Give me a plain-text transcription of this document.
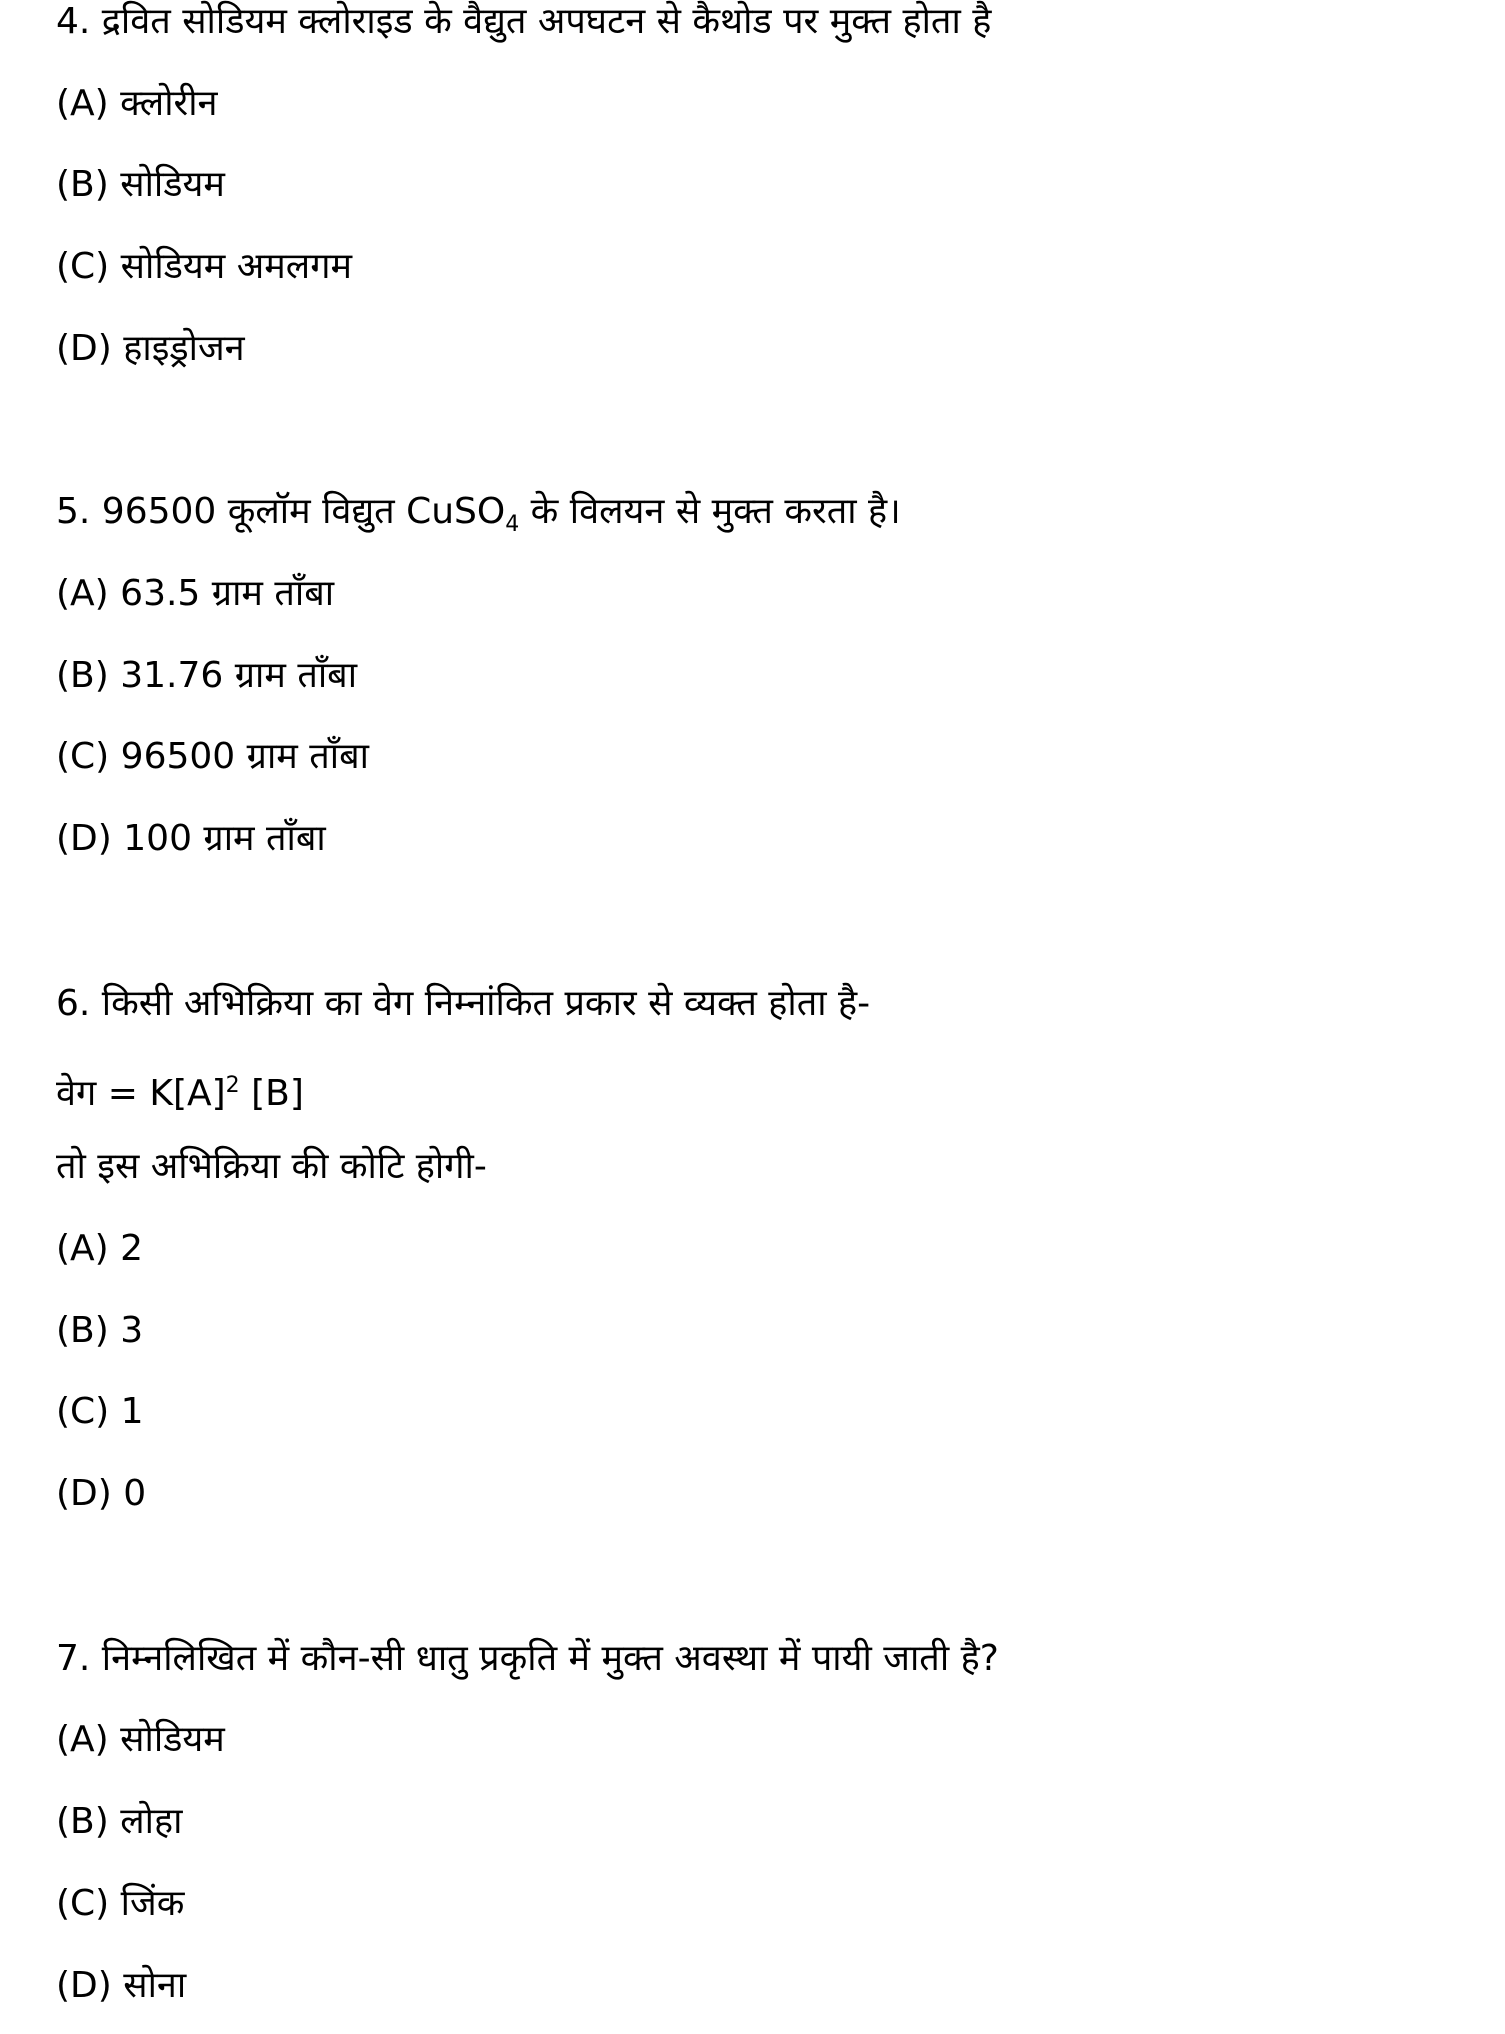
4. द्रवित सोडियम क्लोराइड के वैद्युत अपघटन से कैथोड पर मुक्त होता है
(A) क्लोरीन
(B) सोडियम
(C) सोडियम अमलगम
(D) हाइड्रोजन
5. 96500 कूलॉम विद्युत CuSO$_4$ के विलयन से मुक्त करता है।
(A) 63.5 ग्राम ताँबा
(B) 31.76 ग्राम ताँबा
(C) 96500 ग्राम ताँबा
(D) 100 ग्राम ताँबा
6. किसी अभिक्रिया का वेग निम्नांकित प्रकार से व्यक्त होता है-
वेग = $K[A]^2$ [B]
तो इस अभिक्रिया की कोटि होगी-
(A) 2
(B) 3
(C) 1
(D) 0
7. निम्नलिखित में कौन-सी धातु प्रकृति में मुक्त अवस्था में पायी जाती है?
(A) सोडियम
(B) लोहा
(C) जिंक
(D) सोना
